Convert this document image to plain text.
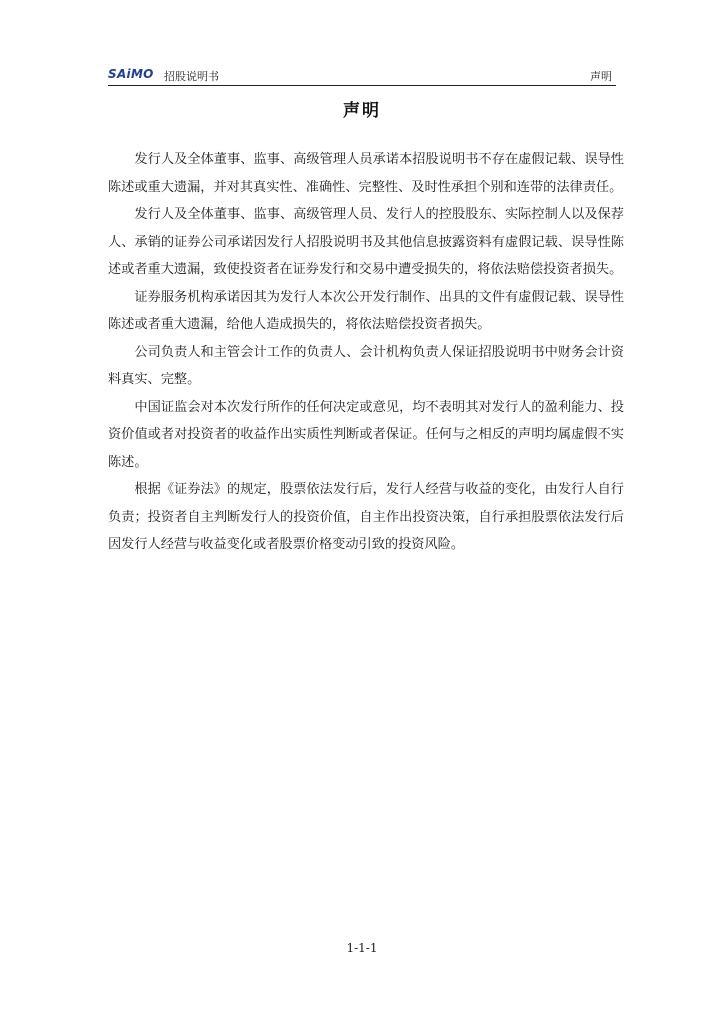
SAiMO 招股说明书	声明
声明

发行人及全体董事、监事、高级管理人员承诺本招股说明书不存在虚假记载、误导性陈述或重大遗漏，并对其真实性、准确性、完整性、及时性承担个别和连带的法律责任。

发行人及全体董事、监事、高级管理人员、发行人的控股股东、实际控制人以及保荐人、承销的证券公司承诺因发行人招股说明书及其他信息披露资料有虚假记载、误导性陈述或者重大遗漏，致使投资者在证券发行和交易中遭受损失的，将依法赔偿投资者损失。

证券服务机构承诺因其为发行人本次公开发行制作、出具的文件有虚假记载、误导性陈述或者重大遗漏，给他人造成损失的，将依法赔偿投资者损失。

公司负责人和主管会计工作的负责人、会计机构负责人保证招股说明书中财务会计资料真实、完整。

中国证监会对本次发行所作的任何决定或意见，均不表明其对发行人的盈利能力、投资价值或者对投资者的收益作出实质性判断或者保证。任何与之相反的声明均属虚假不实陈述。

根据《证券法》的规定，股票依法发行后，发行人经营与收益的变化，由发行人自行负责；投资者自主判断发行人的投资价值，自主作出投资决策，自行承担股票依法发行后因发行人经营与收益变化或者股票价格变动引致的投资风险。

1-1-1
